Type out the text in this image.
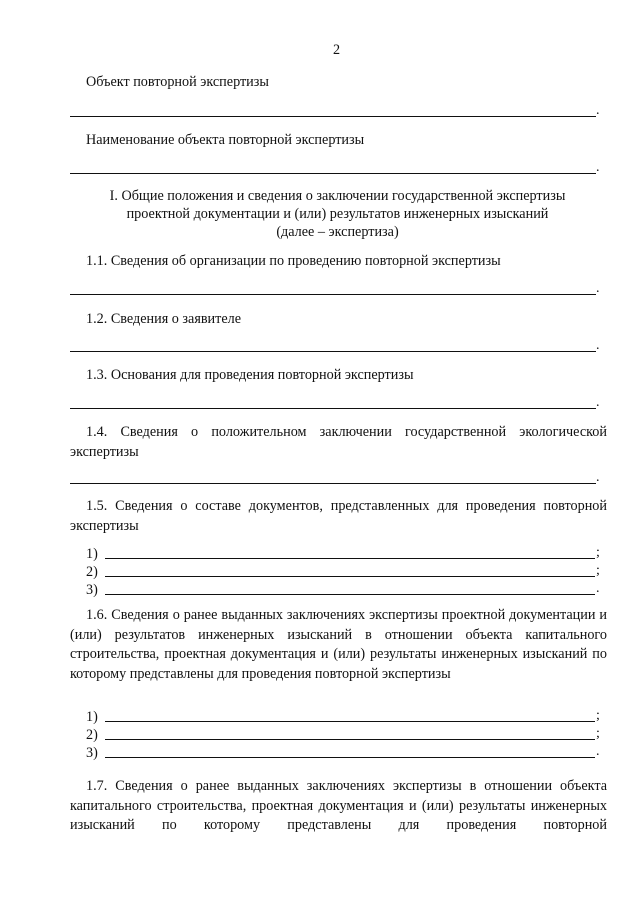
2
Объект повторной экспертизы
.
Наименование объекта повторной экспертизы
.
I. Общие положения и сведения о заключении государственной экспертизы
проектной документации и (или) результатов инженерных изысканий
(далее – экспертиза)
1.1. Сведения об организации по проведению повторной экспертизы
.
1.2. Сведения о заявителе
.
1.3. Основания для проведения повторной экспертизы
.
1.4. Сведения о положительном заключении государственной экологической экспертизы
.
1.5. Сведения о составе документов, представленных для проведения повторной экспертизы
1)	;
2)	;
3)	.
1.6. Сведения о ранее выданных заключениях экспертизы проектной документации и (или) результатов инженерных изысканий в отношении объекта капитального строительства, проектная документация и (или) результаты инженерных изысканий по которому представлены для проведения повторной экспертизы
1)	;
2)	;
3)	.
1.7. Сведения о ранее выданных заключениях экспертизы в отношении объекта капитального строительства, проектная документация и (или) результаты инженерных изысканий по которому представлены для проведения повторной
